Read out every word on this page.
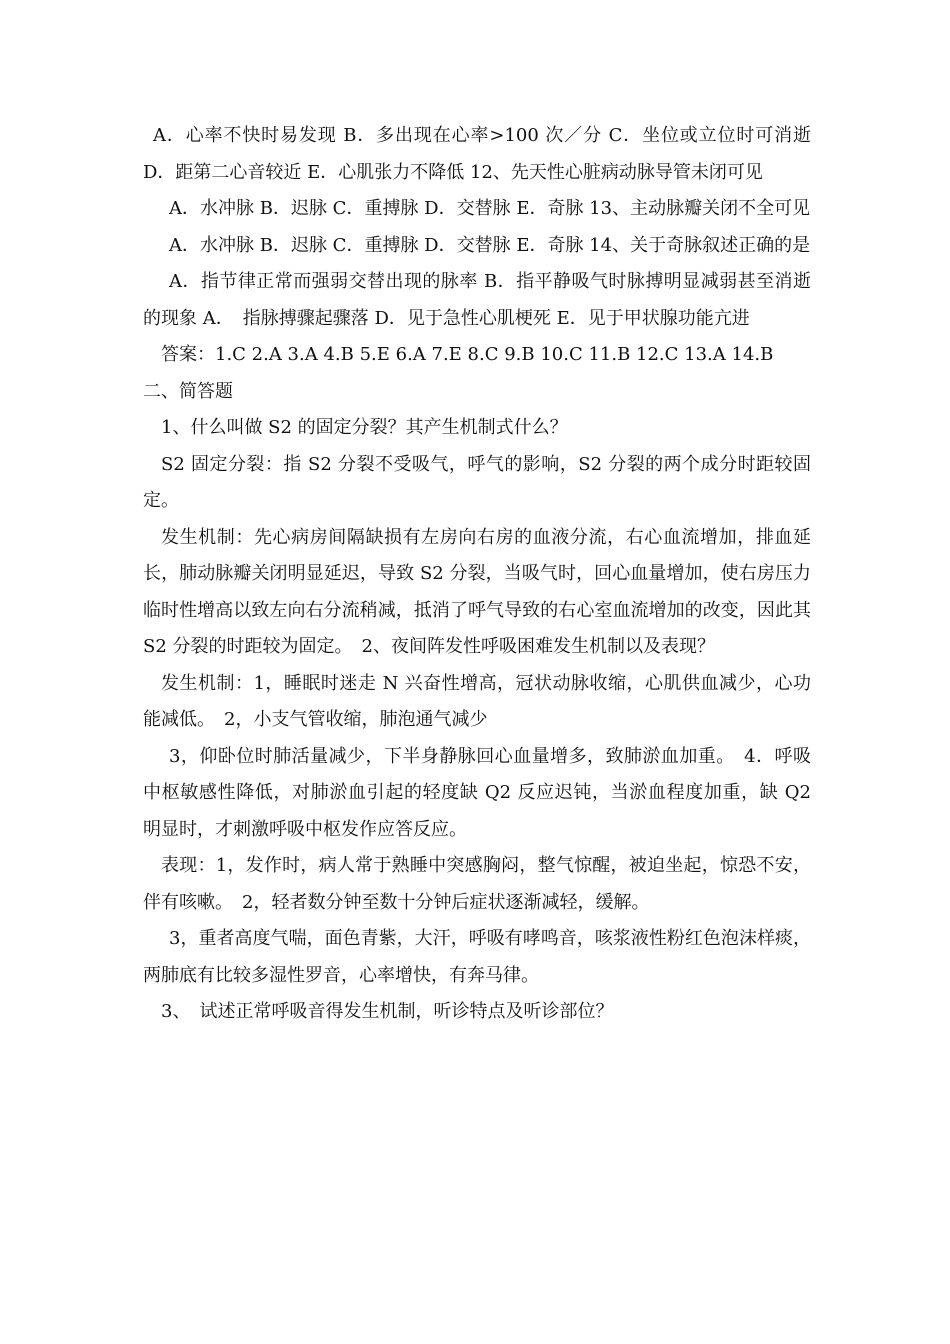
A．心率不快时易发现 B．多出现在心率>100 次／分 C．坐位或立位时可消逝 D．距第二心音较近 E．心肌张力不降低 12、先天性心脏病动脉导管未闭可见

A．水冲脉 B．迟脉 C．重搏脉 D．交替脉 E．奇脉 13、主动脉瓣关闭不全可见

A．水冲脉 B．迟脉 C．重搏脉 D．交替脉 E．奇脉 14、关于奇脉叙述正确的是

A．指节律正常而强弱交替出现的脉率 B．指平静吸气时脉搏明显减弱甚至消逝的现象 A．　指脉搏骤起骤落 D．见于急性心肌梗死 E．见于甲状腺功能亢进

答案：1.C 2.A 3.A 4.B 5.E 6.A 7.E 8.C 9.B 10.C 11.B 12.C 13.A 14.B

二、简答题

1、什么叫做 S2 的固定分裂？其产生机制式什么？

S2 固定分裂：指 S2 分裂不受吸气，呼气的影响，S2 分裂的两个成分时距较固定。

发生机制：先心病房间隔缺损有左房向右房的血液分流，右心血流增加，排血延长，肺动脉瓣关闭明显延迟，导致 S2 分裂，当吸气时，回心血量增加，使右房压力临时性增高以致左向右分流稍减，抵消了呼气导致的右心室血流增加的改变，因此其 S2 分裂的时距较为固定。　2、夜间阵发性呼吸困难发生机制以及表现？

发生机制：1，睡眠时迷走 N 兴奋性增高，冠状动脉收缩，心肌供血减少，心功能减低。　2，小支气管收缩，肺泡通气减少

3，仰卧位时肺活量减少，下半身静脉回心血量增多，致肺淤血加重。　4．呼吸中枢敏感性降低，对肺淤血引起的轻度缺 Q2 反应迟钝，当淤血程度加重，缺 Q2 明显时，才刺激呼吸中枢发作应答反应。

表现：1，发作时，病人常于熟睡中突感胸闷，整气惊醒，被迫坐起，惊恐不安，伴有咳嗽。　2，轻者数分钟至数十分钟后症状逐渐减轻，缓解。

3，重者高度气喘，面色青紫，大汗，呼吸有哮鸣音，咳浆液性粉红色泡沫样痰，两肺底有比较多湿性罗音，心率增快，有奔马律。

3、　试述正常呼吸音得发生机制，听诊特点及听诊部位？
